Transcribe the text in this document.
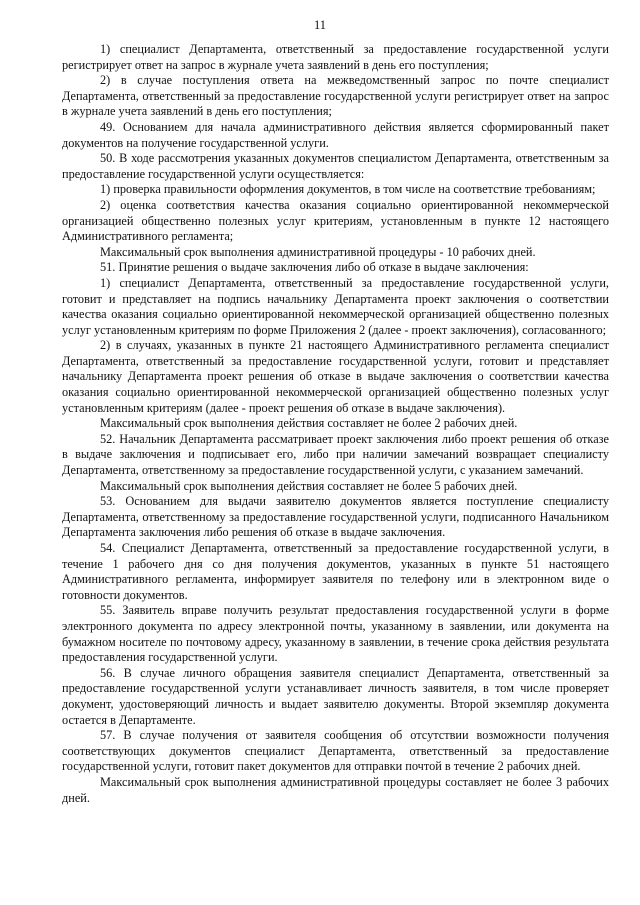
11

1) специалист Департамента, ответственный за предоставление государственной услуги регистрирует ответ на запрос в журнале учета заявлений в день его поступления;

2) в случае поступления ответа на межведомственный запрос по почте специалист Департамента, ответственный за предоставление государственной услуги регистрирует ответ на запрос в журнале учета заявлений в день его поступления;

49. Основанием для начала административного действия является сформированный пакет документов на получение государственной услуги.

50. В ходе рассмотрения указанных документов специалистом Департамента, ответственным за предоставление государственной услуги осуществляется:

1) проверка правильности оформления документов, в том числе на соответствие требованиям;

2) оценка соответствия качества оказания социально ориентированной некоммерческой организацией общественно полезных услуг критериям, установленным в пункте 12 настоящего Административного регламента;

Максимальный срок выполнения административной процедуры - 10 рабочих дней.

51. Принятие решения о выдаче заключения либо об отказе в выдаче заключения:

1) специалист Департамента, ответственный за предоставление государственной услуги, готовит и представляет на подпись начальнику Департамента проект заключения о соответствии качества оказания социально ориентированной некоммерческой организацией общественно полезных услуг установленным критериям по форме Приложения 2 (далее - проект заключения), согласованного;

2) в случаях, указанных в пункте 21 настоящего Административного регламента специалист Департамента, ответственный за предоставление государственной услуги, готовит и представляет начальнику Департамента проект решения об отказе в выдаче заключения о соответствии качества оказания социально ориентированной некоммерческой организацией общественно полезных услуг установленным критериям (далее - проект решения об отказе в выдаче заключения).

Максимальный срок выполнения действия составляет не более 2 рабочих дней.

52. Начальник Департамента рассматривает проект заключения либо проект решения об отказе в выдаче заключения и подписывает его, либо при наличии замечаний возвращает специалисту Департамента, ответственному за предоставление государственной услуги, с указанием замечаний.

Максимальный срок выполнения действия составляет не более 5 рабочих дней.

53. Основанием для выдачи заявителю документов является поступление специалисту Департамента, ответственному за предоставление государственной услуги, подписанного Начальником Департамента заключения либо решения об отказе в выдаче заключения.

54. Специалист Департамента, ответственный за предоставление государственной услуги, в течение 1 рабочего дня со дня получения документов, указанных в пункте 51 настоящего Административного регламента, информирует заявителя по телефону или в электронном виде о готовности документов.

55. Заявитель вправе получить результат предоставления государственной услуги в форме электронного документа по адресу электронной почты, указанному в заявлении, или документа на бумажном носителе по почтовому адресу, указанному в заявлении, в течение срока действия результата предоставления государственной услуги.

56. В случае личного обращения заявителя специалист Департамента, ответственный за предоставление государственной услуги устанавливает личность заявителя, в том числе проверяет документ, удостоверяющий личность и выдает заявителю документы. Второй экземпляр документа остается в Департаменте.

57. В случае получения от заявителя сообщения об отсутствии возможности получения соответствующих документов специалист Департамента, ответственный за предоставление государственной услуги, готовит пакет документов для отправки почтой в течение 2 рабочих дней.

Максимальный срок выполнения административной процедуры составляет не более 3 рабочих дней.
